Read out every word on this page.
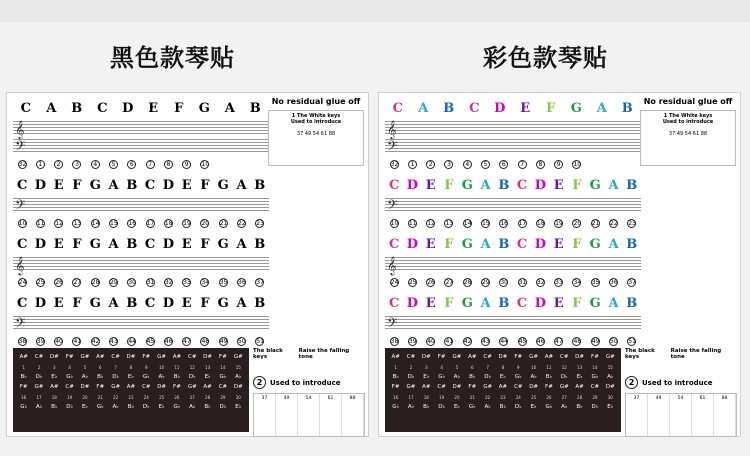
黑色款琴贴	彩色款琴贴
C	A	B	C	D	E	F	G	A	B
𝄞
𝄢
32	1	2	3	4	5	6	7	8	9	10
C D E F G A B C D E F G A B
𝄢
10	11	12	13	14	15	16	17	18	19	20	21	22	23
C D E F G A B C D E F G A B
𝄞
24	25	26	27	28	29	30	31	32	33	34	35	36	37
C D E F G A B C D E F G A B
𝄢
38	39	40	41	42	43	44	45	46	47	48	49	50	51
No residual glue off
1 The White keys
Used to introduce
37 49 54 61 88
A#	C#	D#	F#	G#	A#	C#	D#	F#	G#	A#	C#	D#	F#	G#
1	2	3	4	5	6	7	8	9	10	11	12	13	14	15
B♭	D♭	E♭	G♭	A♭	B♭	D♭	E♭	G♭	A♭	B♭	D♭	E♭	G♭	A♭
F#	G#	A#	C#	D#	F#	G#	A#	C#	D#	F#	G#	A#	C#	D#
16	17	18	19	20	21	22	23	24	25	26	27	28	29	30
G♭	A♭	B♭	D♭	E♭	G♭	A♭	B♭	D♭	E♭	G♭	A♭	B♭	D♭	E♭
The black keys
Raise the falling tone
2 Used to introduce
37	49	54	61	88
C	A	B	C	D	E	F	G	A	B
𝄞
𝄢
32	1	2	3	4	5	6	7	8	9	10
C D E F G A B C D E F G A B
𝄢
10	11	12	13	14	15	16	17	18	19	20	21	22	23
C D E F G A B C D E F G A B
𝄞
24	25	26	27	28	29	30	31	32	33	34	35	36	37
C D E F G A B C D E F G A B
𝄢
38	39	40	41	42	43	44	45	46	47	48	49	50	51
No residual glue off
1 The White keys
Used to introduce
37 49 54 61 88
A#	C#	D#	F#	G#	A#	C#	D#	F#	G#	A#	C#	D#	F#	G#
1	2	3	4	5	6	7	8	9	10	11	12	13	14	15
B♭	D♭	E♭	G♭	A♭	B♭	D♭	E♭	G♭	A♭	B♭	D♭	E♭	G♭	A♭
F#	G#	A#	C#	D#	F#	G#	A#	C#	D#	F#	G#	A#	C#	D#
16	17	18	19	20	21	22	23	24	25	26	27	28	29	30
G♭	A♭	B♭	D♭	E♭	G♭	A♭	B♭	D♭	E♭	G♭	A♭	B♭	D♭	E♭
The black keys
Raise the falling tone
2 Used to introduce
37	49	54	61	88
